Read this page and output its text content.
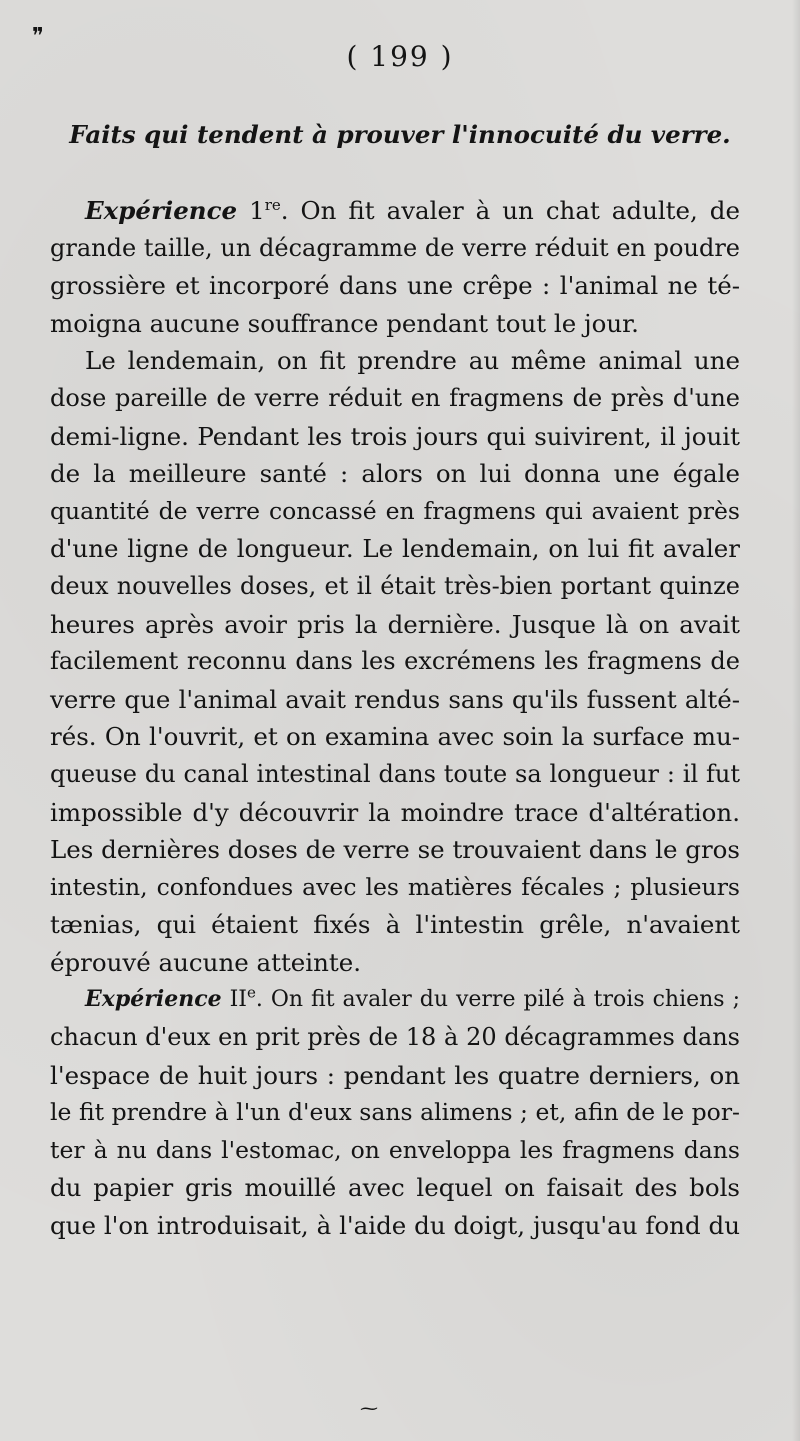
❞
( 199 )
Faits qui tendent à prouver l'innocuité du verre.
Expérience 1re. On fit avaler à un chat adulte, de
grande taille, un décagramme de verre réduit en poudre
grossière et incorporé dans une crêpe : l'animal ne té-
moigna aucune souffrance pendant tout le jour.
Le lendemain, on fit prendre au même animal une
dose pareille de verre réduit en fragmens de près d'une
demi-ligne. Pendant les trois jours qui suivirent, il jouit
de la meilleure santé : alors on lui donna une égale
quantité de verre concassé en fragmens qui avaient près
d'une ligne de longueur. Le lendemain, on lui fit avaler
deux nouvelles doses, et il était très-bien portant quinze
heures après avoir pris la dernière. Jusque là on avait
facilement reconnu dans les excrémens les fragmens de
verre que l'animal avait rendus sans qu'ils fussent alté-
rés. On l'ouvrit, et on examina avec soin la surface mu-
queuse du canal intestinal dans toute sa longueur : il fut
impossible d'y découvrir la moindre trace d'altération.
Les dernières doses de verre se trouvaient dans le gros
intestin, confondues avec les matières fécales ; plusieurs
tænias, qui étaient fixés à l'intestin grêle, n'avaient
éprouvé aucune atteinte.
Expérience IIe. On fit avaler du verre pilé à trois chiens ;
chacun d'eux en prit près de 18 à 20 décagrammes dans
l'espace de huit jours : pendant les quatre derniers, on
le fit prendre à l'un d'eux sans alimens ; et, afin de le por-
ter à nu dans l'estomac, on enveloppa les fragmens dans
du papier gris mouillé avec lequel on faisait des bols
que l'on introduisait, à l'aide du doigt, jusqu'au fond du
⁓
